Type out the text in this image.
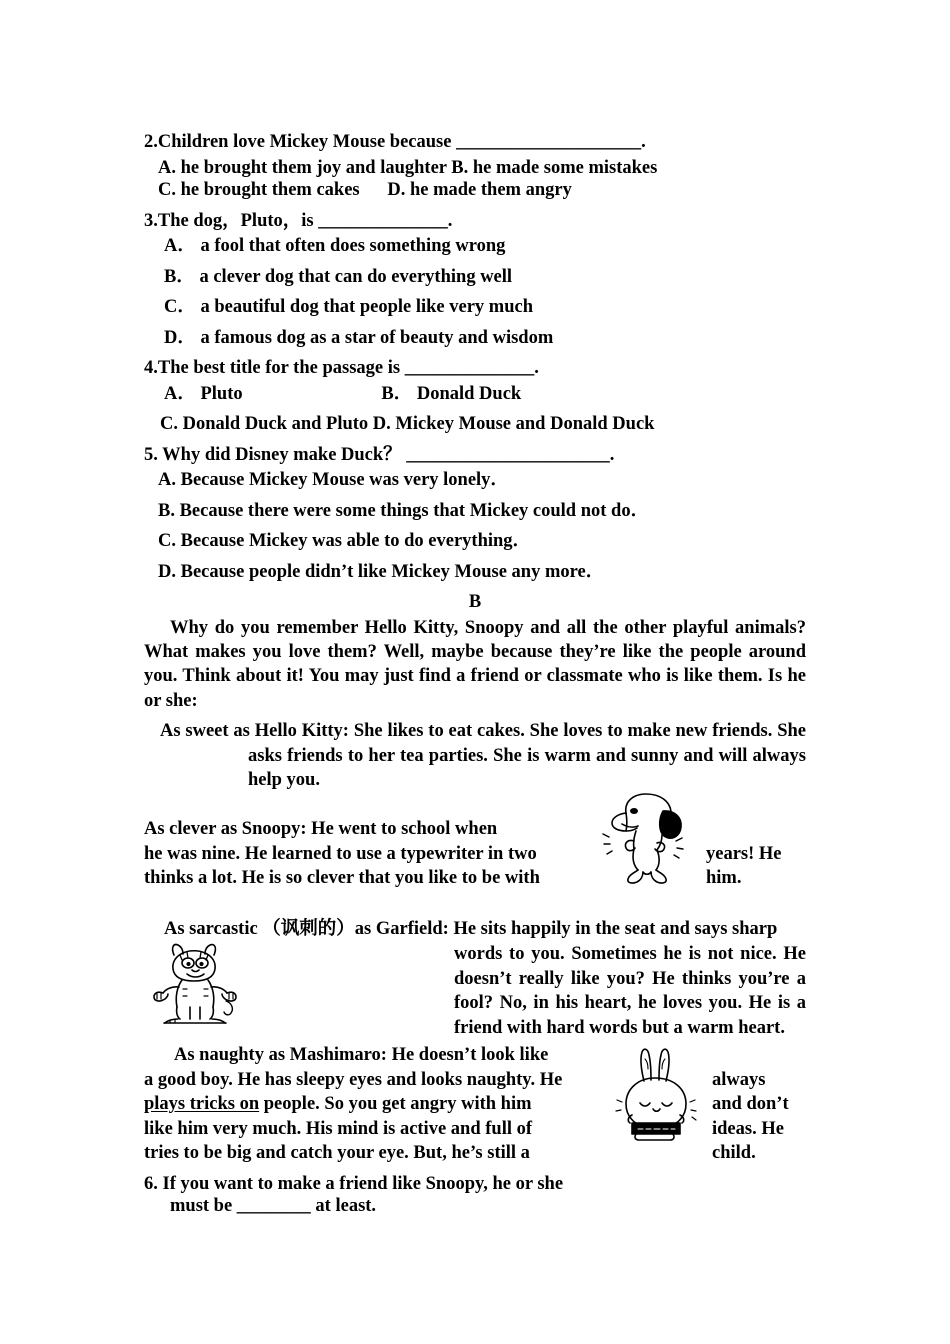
2.Children love Mickey Mouse because ____________________.
A. he brought them joy and laughter B. he made some mistakes
C. he brought them cakes      D. he made them angry
3.The dog，Pluto，is ______________.
A． a fool that often does something wrong
B． a clever dog that can do everything well
C． a beautiful dog that people like very much
D． a famous dog as a star of beauty and wisdom
4.The best title for the passage is ______________.
A． Pluto                              B． Donald Duck
C. Donald Duck and Pluto D. Mickey Mouse and Donald Duck
5. Why did Disney make Duck？ ______________________.
A. Because Mickey Mouse was very lonely．
B. Because there were some things that Mickey could not do．
C. Because Mickey was able to do everything．
D. Because people didn’t like Mickey Mouse any more．
B
Why do you remember Hello Kitty, Snoopy and all the other playful animals? What makes you love them? Well, maybe because they’re like the people around you. Think about it! You may just find a friend or classmate who is like them. Is he or she:
As sweet as Hello Kitty: She likes to eat cakes. She loves to make new friends. She asks friends to her tea parties. She is warm and sunny and will always help you.
As clever as Snoopy: He went to school when
he was nine. He learned to use a typewriter in two
thinks a lot. He is so clever that you like to be with

years! He
him.
As sarcastic （讽刺的）as Garfield: He sits happily in the seat and says sharp
words to you. Sometimes he is not nice. He doesn’t really like you? He thinks you’re a fool? No, in his heart, he loves you. He is a friend with hard words but a warm heart.
As naughty as Mashimaro: He doesn’t look like
a good boy. He has sleepy eyes and looks naughty. He
plays tricks on people. So you get angry with him
like him very much. His mind is active and full of
tries to be big and catch your eye. But, he’s still a

always
and don’t
ideas. He
child.
6. If you want to make a friend like Snoopy, he or she
must be ________ at least.
